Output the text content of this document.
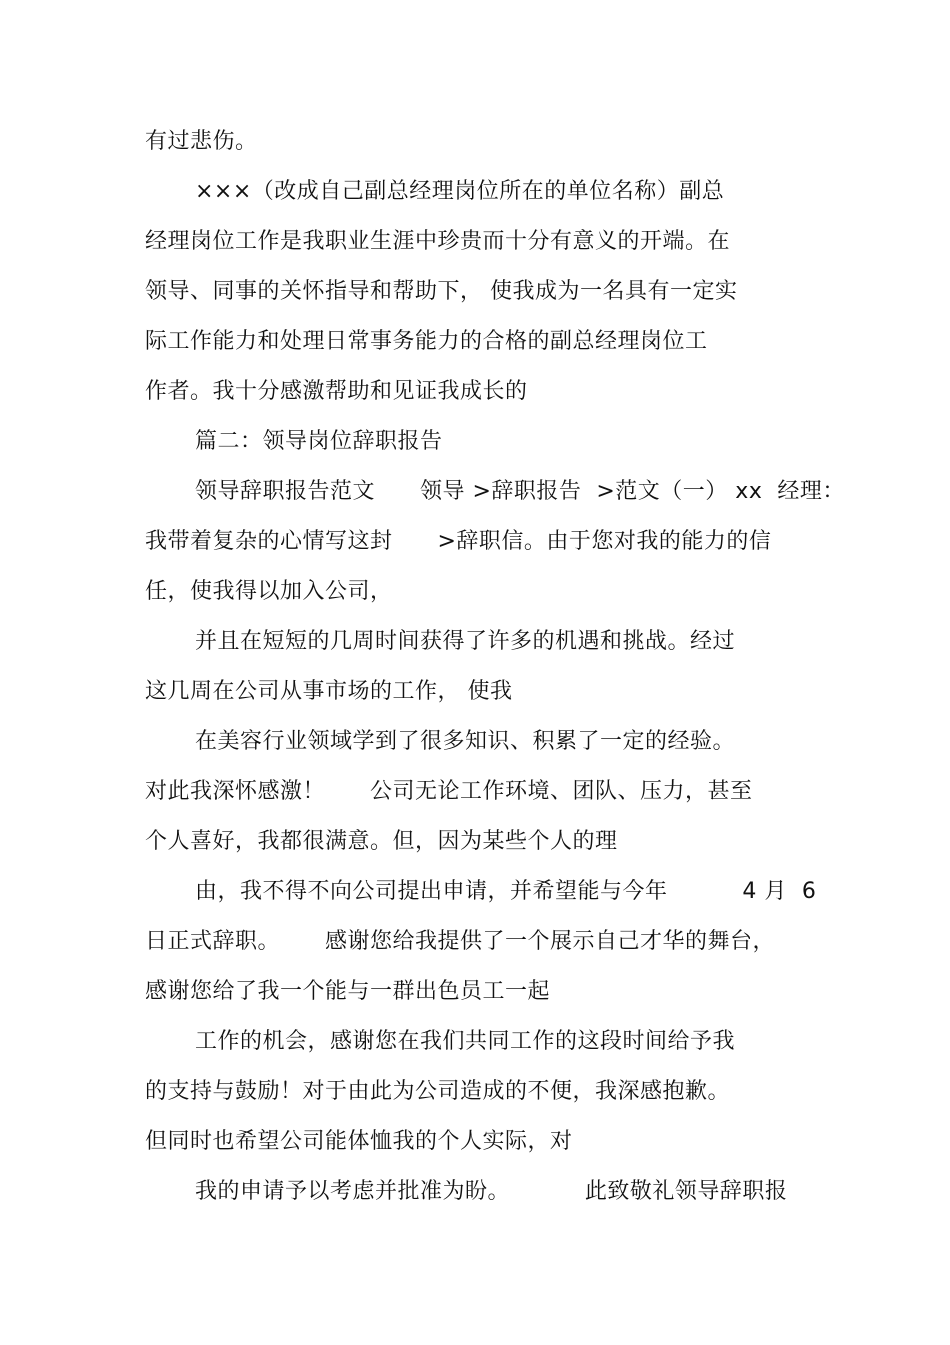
有过悲伤。
×××（改成自己副总经理岗位所在的单位名称）副总
经理岗位工作是我职业生涯中珍贵而十分有意义的开端。在
领导、同事的关怀指导和帮助下， 使我成为一名具有一定实
际工作能力和处理日常事务能力的合格的副总经理岗位工
作者。我十分感激帮助和见证我成长的
篇二：领导岗位辞职报告
领导辞职报告范文      领导 >辞职报告  >范文（一） xx  经理：
我带着复杂的心情写这封      >辞职信。由于您对我的能力的信
任，使我得以加入公司，
并且在短短的几周时间获得了许多的机遇和挑战。经过
这几周在公司从事市场的工作， 使我
在美容行业领域学到了很多知识、积累了一定的经验。
对此我深怀感激！      公司无论工作环境、团队、压力，甚至
个人喜好，我都很满意。但，因为某些个人的理
由，我不得不向公司提出申请，并希望能与今年          4 月  6
日正式辞职。      感谢您给我提供了一个展示自己才华的舞台，
感谢您给了我一个能与一群出色员工一起
工作的机会，感谢您在我们共同工作的这段时间给予我
的支持与鼓励！对于由此为公司造成的不便，我深感抱歉。
但同时也希望公司能体恤我的个人实际，对
我的申请予以考虑并批准为盼。          此致敬礼领导辞职报
